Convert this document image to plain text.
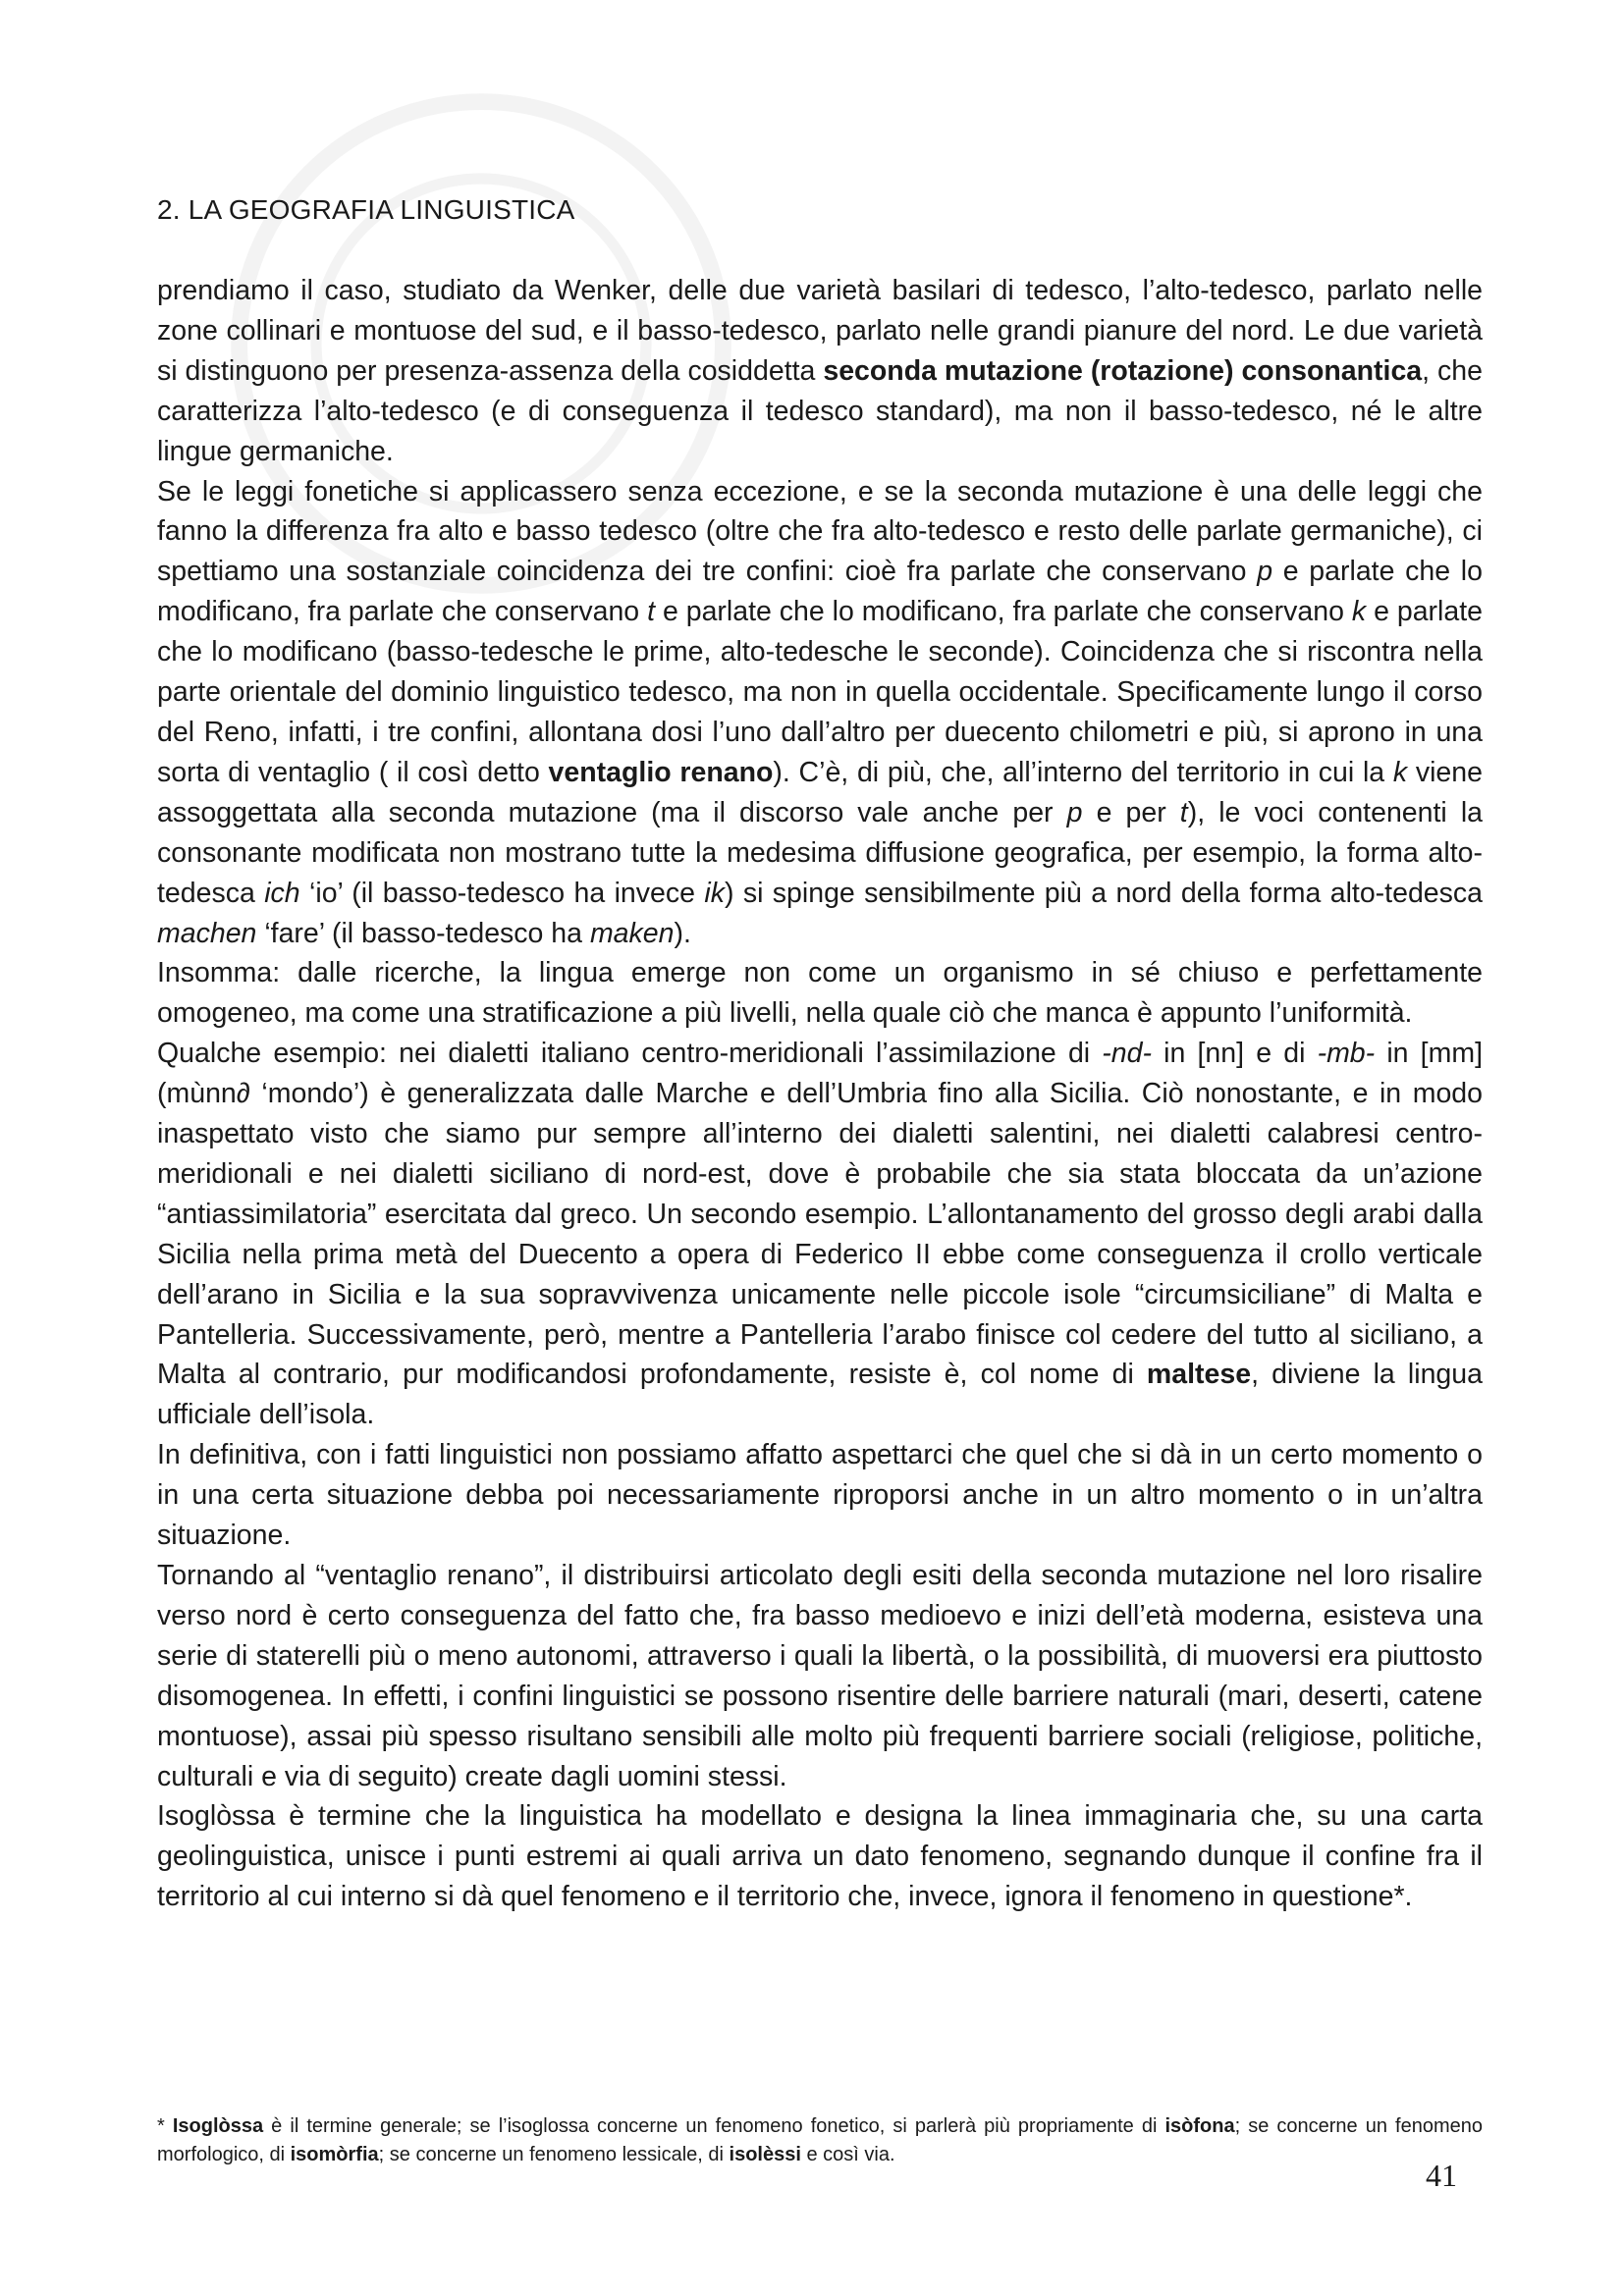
2. LA GEOGRAFIA LINGUISTICA

prendiamo il caso, studiato da Wenker, delle due varietà basilari di tedesco, l’alto-tedesco, parlato nelle zone collinari e montuose del sud, e il basso-tedesco, parlato nelle grandi pianure del nord. Le due varietà si distinguono per presenza-assenza della cosiddetta seconda mutazione (rotazione) consonantica, che caratterizza l’alto-tedesco (e di conseguenza il tedesco standard), ma non il basso-tedesco, né le altre lingue germaniche.

Se le leggi fonetiche si applicassero senza eccezione, e se la seconda mutazione è una delle leggi che fanno la differenza fra alto e basso tedesco (oltre che fra alto-tedesco e resto delle parlate germaniche), ci spettiamo una sostanziale coincidenza dei tre confini: cioè fra parlate che conservano p e parlate che lo modificano, fra parlate che conservano t e parlate che lo modificano, fra parlate che conservano k e parlate che lo modificano (basso-tedesche le prime, alto-tedesche le seconde). Coincidenza che si riscontra nella parte orientale del dominio linguistico tedesco, ma non in quella occidentale. Specificamente lungo il corso del Reno, infatti, i tre confini, allontana dosi l’uno dall’altro per duecento chilometri e più, si aprono in una sorta di ventaglio ( il così detto ventaglio renano). C’è, di più, che, all’interno del territorio in cui la k viene assoggettata alla seconda mutazione (ma il discorso vale anche per p e per t), le voci contenenti la consonante modificata non mostrano tutte la medesima diffusione geografica, per esempio, la forma alto-tedesca ich ‘io’ (il basso-tedesco ha invece ik) si spinge sensibilmente più a nord della forma alto-tedesca machen ‘fare’ (il basso-tedesco ha maken).

Insomma: dalle ricerche, la lingua emerge non come un organismo in sé chiuso e perfettamente omogeneo, ma come una stratificazione a più livelli, nella quale ciò che manca è appunto l’uniformità.

Qualche esempio: nei dialetti italiano centro-meridionali l’assimilazione di -nd- in [nn] e di -mb- in [mm] (mùnn∂ ‘mondo’) è generalizzata dalle Marche e dell’Umbria fino alla Sicilia. Ciò nonostante, e in modo inaspettato visto che siamo pur sempre all’interno dei dialetti salentini, nei dialetti calabresi centro-meridionali e nei dialetti siciliano di nord-est, dove è probabile che sia stata bloccata da un’azione “antiassimilatoria” esercitata dal greco. Un secondo esempio. L’allontanamento del grosso degli arabi dalla Sicilia nella prima metà del Duecento a opera di Federico II ebbe come conseguenza il crollo verticale dell’arano in Sicilia e la sua sopravvivenza unicamente nelle piccole isole “circumsiciliane” di Malta e Pantelleria. Successivamente, però, mentre a Pantelleria l’arabo finisce col cedere del tutto al siciliano, a Malta al contrario, pur modificandosi profondamente, resiste è, col nome di maltese, diviene la lingua ufficiale dell’isola.

In definitiva, con i fatti linguistici non possiamo affatto aspettarci che quel che si dà in un certo momento o in una certa situazione debba poi necessariamente riproporsi anche in un altro momento o in un’altra situazione.

Tornando al “ventaglio renano”, il distribuirsi articolato degli esiti della seconda mutazione nel loro risalire verso nord è certo conseguenza del fatto che, fra basso medioevo e inizi dell’età moderna, esisteva una serie di staterelli più o meno autonomi, attraverso i quali la libertà, o la possibilità, di muoversi era piuttosto disomogenea. In effetti, i confini linguistici se possono risentire delle barriere naturali (mari, deserti, catene montuose), assai più spesso risultano sensibili alle molto più frequenti barriere sociali (religiose, politiche, culturali e via di seguito) create dagli uomini stessi.

Isoglòssa è termine che la linguistica ha modellato e designa la linea immaginaria che, su una carta geolinguistica, unisce i punti estremi ai quali arriva un dato fenomeno, segnando dunque il confine fra il territorio al cui interno si dà quel fenomeno e il territorio che, invece, ignora il fenomeno in questione*.

* Isoglòssa è il termine generale; se l’isoglossa concerne un fenomeno fonetico, si parlerà più propriamente di isòfona; se concerne un fenomeno morfologico, di isomòrfia; se concerne un fenomeno lessicale, di isolèssi e così via.
41
